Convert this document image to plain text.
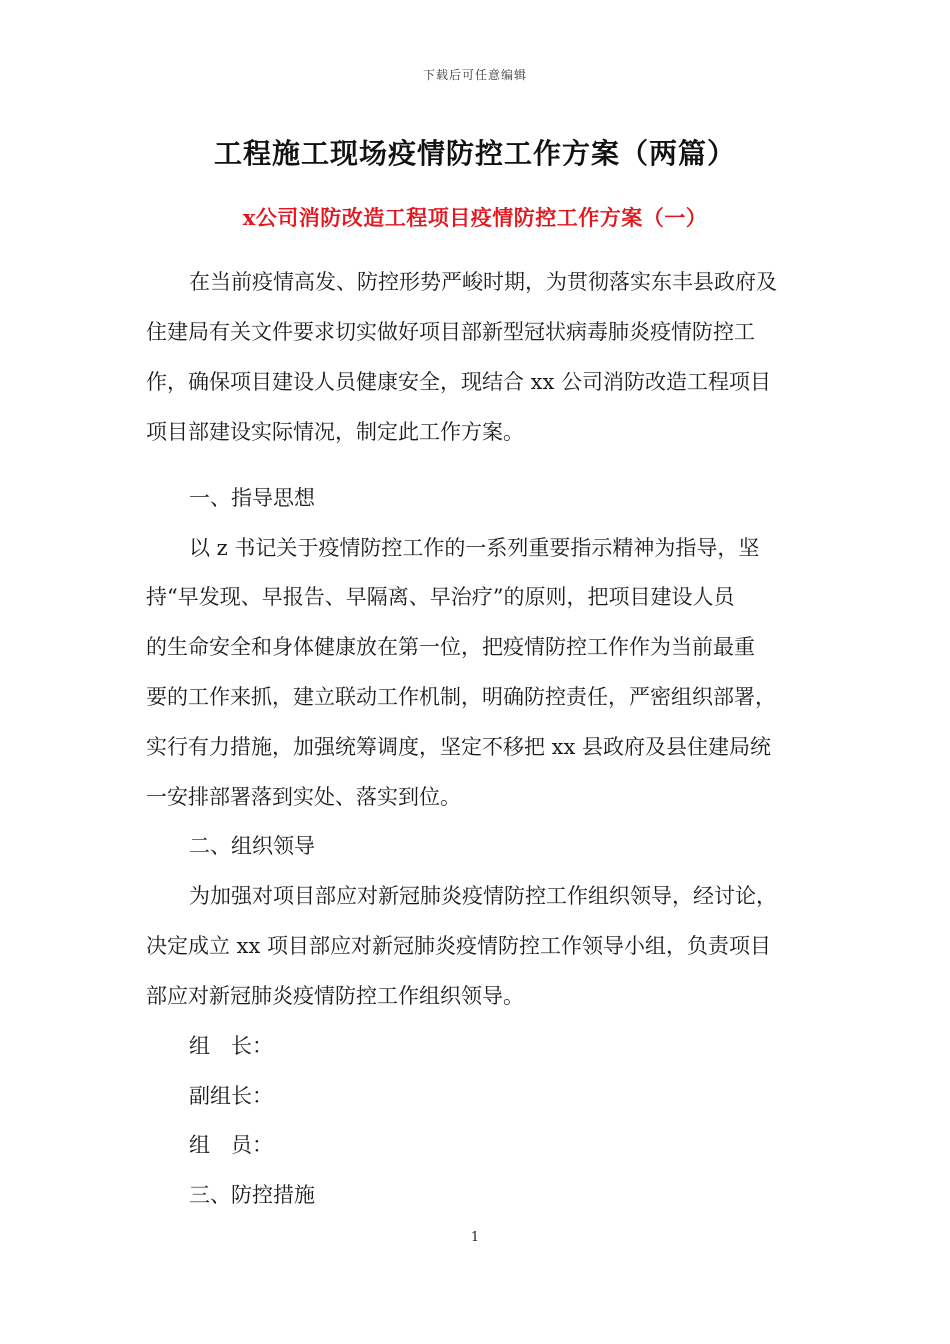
下载后可任意编辑
工程施工现场疫情防控工作方案（两篇）
x公司消防改造工程项目疫情防控工作方案（一）
在当前疫情高发、防控形势严峻时期，为贯彻落实东丰县政府及
住建局有关文件要求切实做好项目部新型冠状病毒肺炎疫情防控工
作，确保项目建设人员健康安全，现结合 xx 公司消防改造工程项目
项目部建设实际情况，制定此工作方案。
一、指导思想
以 z 书记关于疫情防控工作的一系列重要指示精神为指导，坚
持“早发现、早报告、早隔离、早治疗”的原则，把项目建设人员
的生命安全和身体健康放在第一位，把疫情防控工作作为当前最重
要的工作来抓，建立联动工作机制，明确防控责任，严密组织部署，
实行有力措施，加强统筹调度，坚定不移把 xx 县政府及县住建局统
一安排部署落到实处、落实到位。
二、组织领导
为加强对项目部应对新冠肺炎疫情防控工作组织领导，经讨论，
决定成立 xx 项目部应对新冠肺炎疫情防控工作领导小组，负责项目
部应对新冠肺炎疫情防控工作组织领导。
组　长：
副组长：
组　员：
三、防控措施
1
